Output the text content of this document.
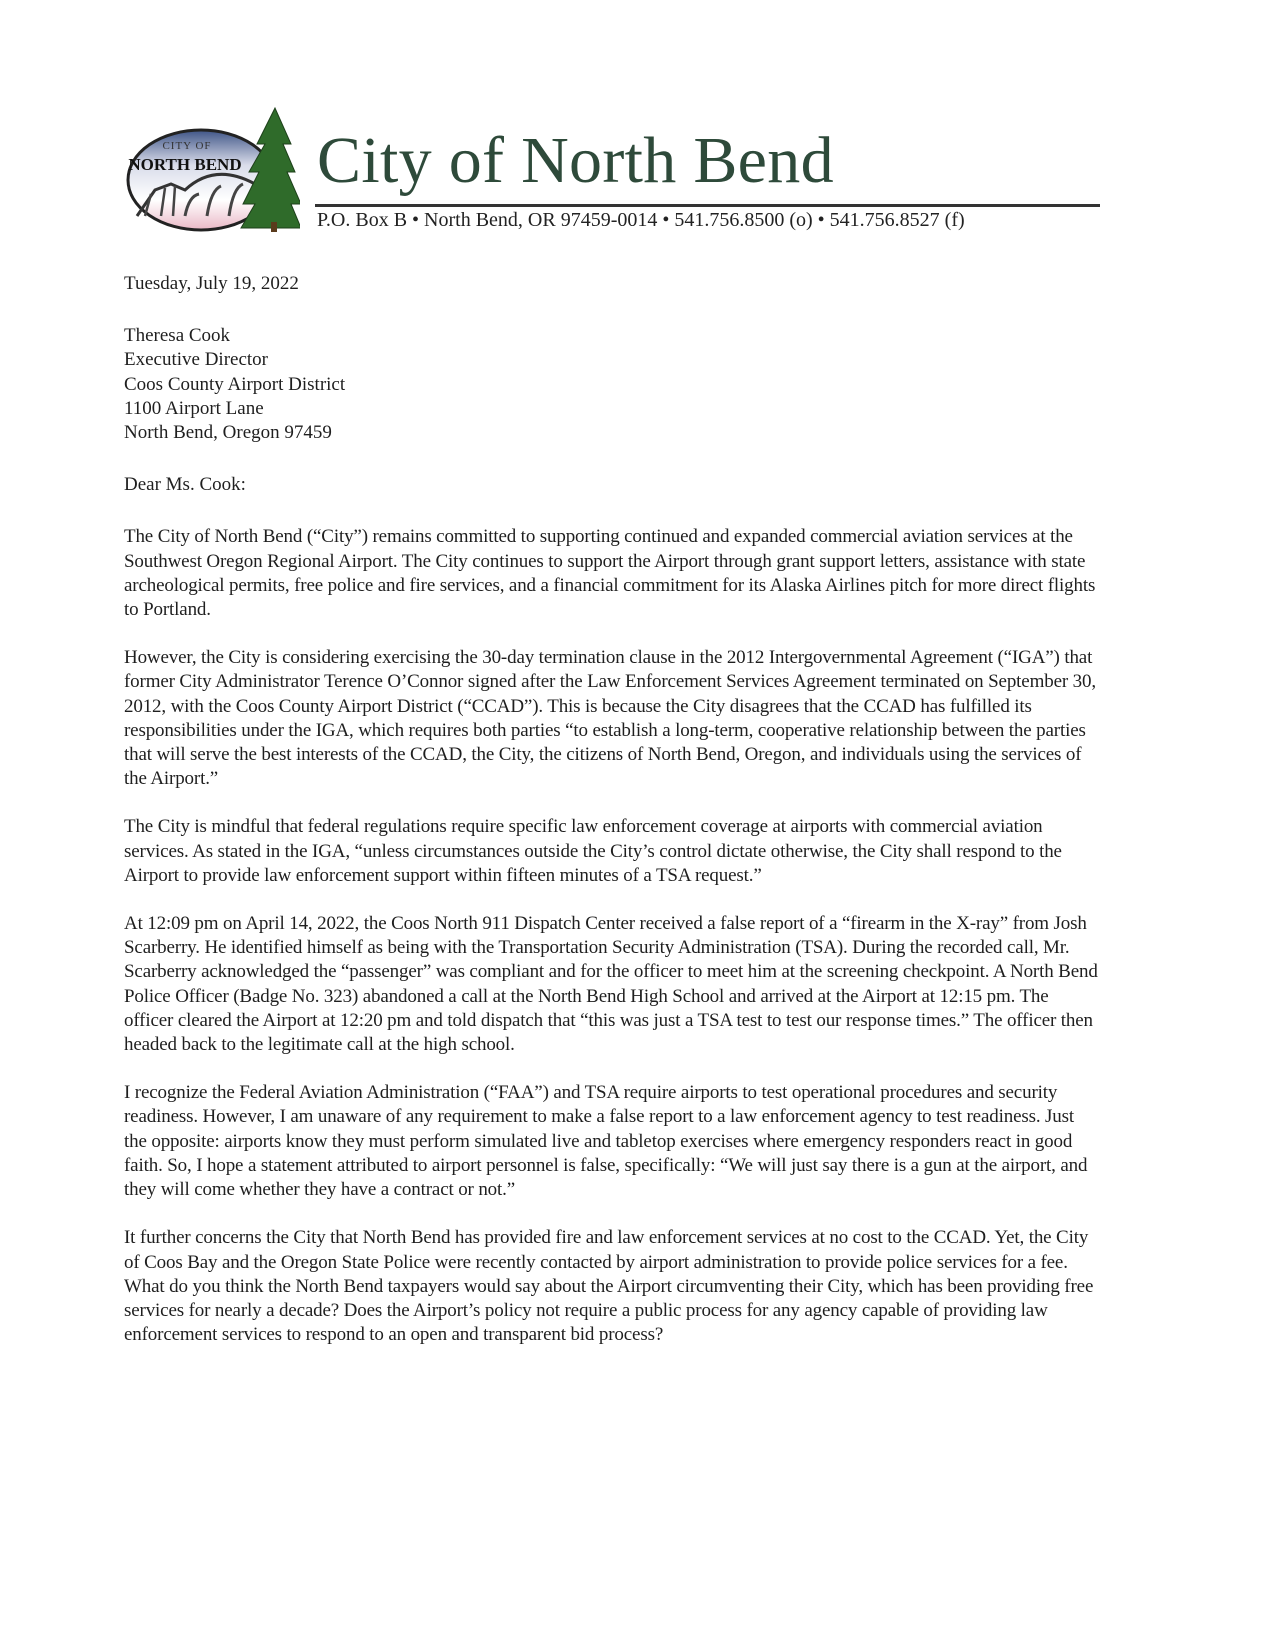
CITY OF
NORTH BEND City of North Bend
P.O. Box B • North Bend, OR 97459-0014 • 541.756.8500 (o) • 541.756.8527 (f)

Tuesday, July 19, 2022

Theresa Cook
Executive Director
Coos County Airport District
1100 Airport Lane
North Bend, Oregon 97459

Dear Ms. Cook:

The City of North Bend (“City”) remains committed to supporting continued and expanded commercial aviation services at the Southwest Oregon Regional Airport. The City continues to support the Airport through grant support letters, assistance with state archeological permits, free police and fire services, and a financial commitment for its Alaska Airlines pitch for more direct flights to Portland.

However, the City is considering exercising the 30-day termination clause in the 2012 Intergovernmental Agreement (“IGA”) that former City Administrator Terence O’Connor signed after the Law Enforcement Services Agreement terminated on September 30, 2012, with the Coos County Airport District (“CCAD”). This is because the City disagrees that the CCAD has fulfilled its responsibilities under the IGA, which requires both parties “to establish a long-term, cooperative relationship between the parties that will serve the best interests of the CCAD, the City, the citizens of North Bend, Oregon, and individuals using the services of the Airport.”

The City is mindful that federal regulations require specific law enforcement coverage at airports with commercial aviation services. As stated in the IGA, “unless circumstances outside the City’s control dictate otherwise, the City shall respond to the Airport to provide law enforcement support within fifteen minutes of a TSA request.”

At 12:09 pm on April 14, 2022, the Coos North 911 Dispatch Center received a false report of a “firearm in the X-ray” from Josh Scarberry. He identified himself as being with the Transportation Security Administration (TSA). During the recorded call, Mr. Scarberry acknowledged the “passenger” was compliant and for the officer to meet him at the screening checkpoint. A North Bend Police Officer (Badge No. 323) abandoned a call at the North Bend High School and arrived at the Airport at 12:15 pm. The officer cleared the Airport at 12:20 pm and told dispatch that “this was just a TSA test to test our response times.” The officer then headed back to the legitimate call at the high school.

I recognize the Federal Aviation Administration (“FAA”) and TSA require airports to test operational procedures and security readiness. However, I am unaware of any requirement to make a false report to a law enforcement agency to test readiness. Just the opposite: airports know they must perform simulated live and tabletop exercises where emergency responders react in good faith. So, I hope a statement attributed to airport personnel is false, specifically: “We will just say there is a gun at the airport, and they will come whether they have a contract or not.”

It further concerns the City that North Bend has provided fire and law enforcement services at no cost to the CCAD. Yet, the City of Coos Bay and the Oregon State Police were recently contacted by airport administration to provide police services for a fee. What do you think the North Bend taxpayers would say about the Airport circumventing their City, which has been providing free services for nearly a decade? Does the Airport’s policy not require a public process for any agency capable of providing law enforcement services to respond to an open and transparent bid process?
